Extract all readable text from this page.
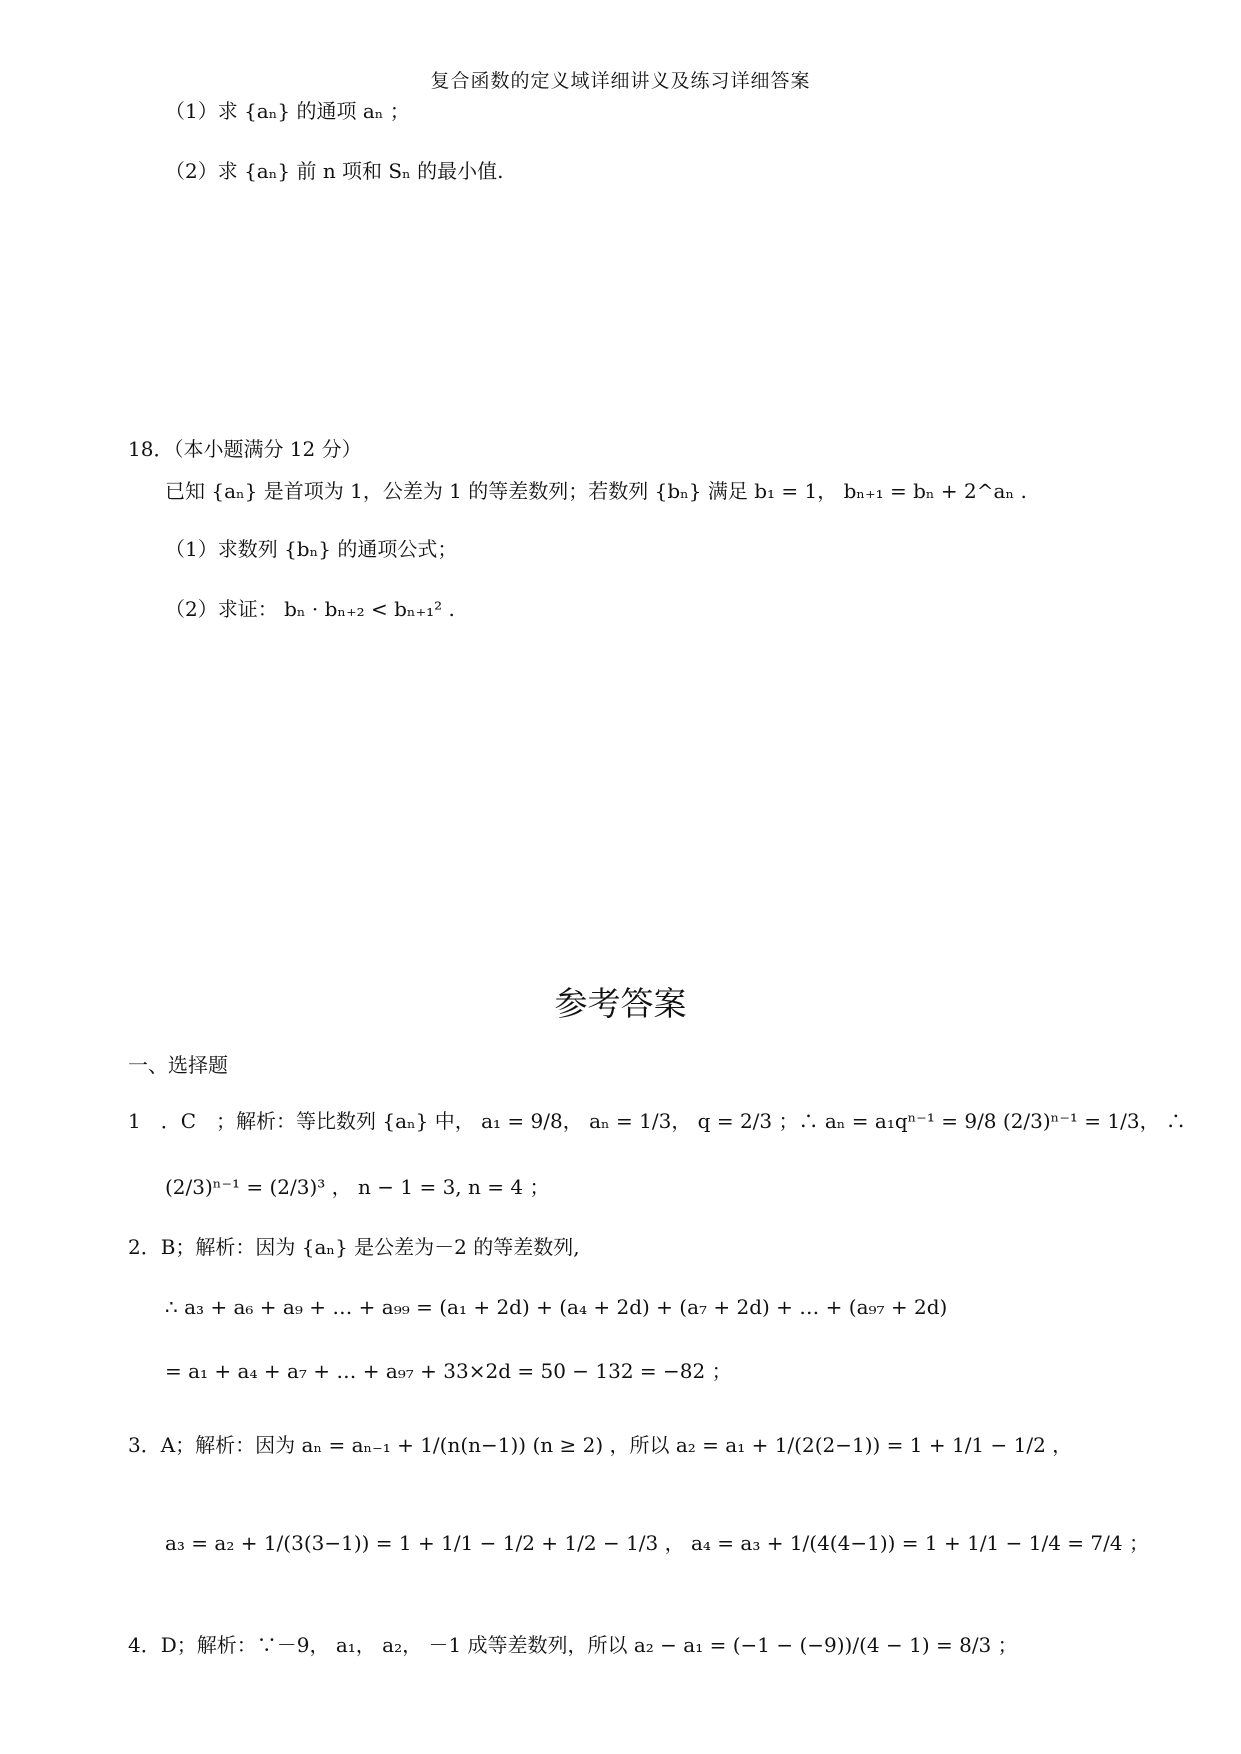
复合函数的定义域详细讲义及练习详细答案
（1）求 {aₙ} 的通项 aₙ ；
（2）求 {aₙ} 前 n 项和 Sₙ 的最小值.
18．（本小题满分 12 分）
已知 {aₙ} 是首项为 1，公差为 1 的等差数列；若数列 {bₙ} 满足 b₁ = 1， bₙ₊₁ = bₙ + 2^aₙ .
（1）求数列 {bₙ} 的通项公式；
（2）求证： bₙ · bₙ₊₂ < bₙ₊₁² .
参考答案
一、选择题
1　．C　；解析：等比数列 {aₙ} 中， a₁ = 9/8， aₙ = 1/3， q = 2/3 ；∴ aₙ = a₁qⁿ⁻¹ = 9/8 (2/3)ⁿ⁻¹ = 1/3， ∴
(2/3)ⁿ⁻¹ = (2/3)³ ， n − 1 = 3, n = 4 ；
2．B；解析：因为 {aₙ} 是公差为－2 的等差数列,
∴ a₃ + a₆ + a₉ + … + a₉₉ = (a₁ + 2d) + (a₄ + 2d) + (a₇ + 2d) + … + (a₉₇ + 2d)
= a₁ + a₄ + a₇ + … + a₉₇ + 33×2d = 50 − 132 = −82 ；
3．A；解析：因为 aₙ = aₙ₋₁ + 1/(n(n−1)) (n ≥ 2) ，所以 a₂ = a₁ + 1/(2(2−1)) = 1 + 1/1 − 1/2 ，
a₃ = a₂ + 1/(3(3−1)) = 1 + 1/1 − 1/2 + 1/2 − 1/3 ， a₄ = a₃ + 1/(4(4−1)) = 1 + 1/1 − 1/4 = 7/4 ；
4．D；解析：∵－9， a₁， a₂， －1 成等差数列，所以 a₂ − a₁ = (−1 − (−9))/(4 − 1) = 8/3 ；
